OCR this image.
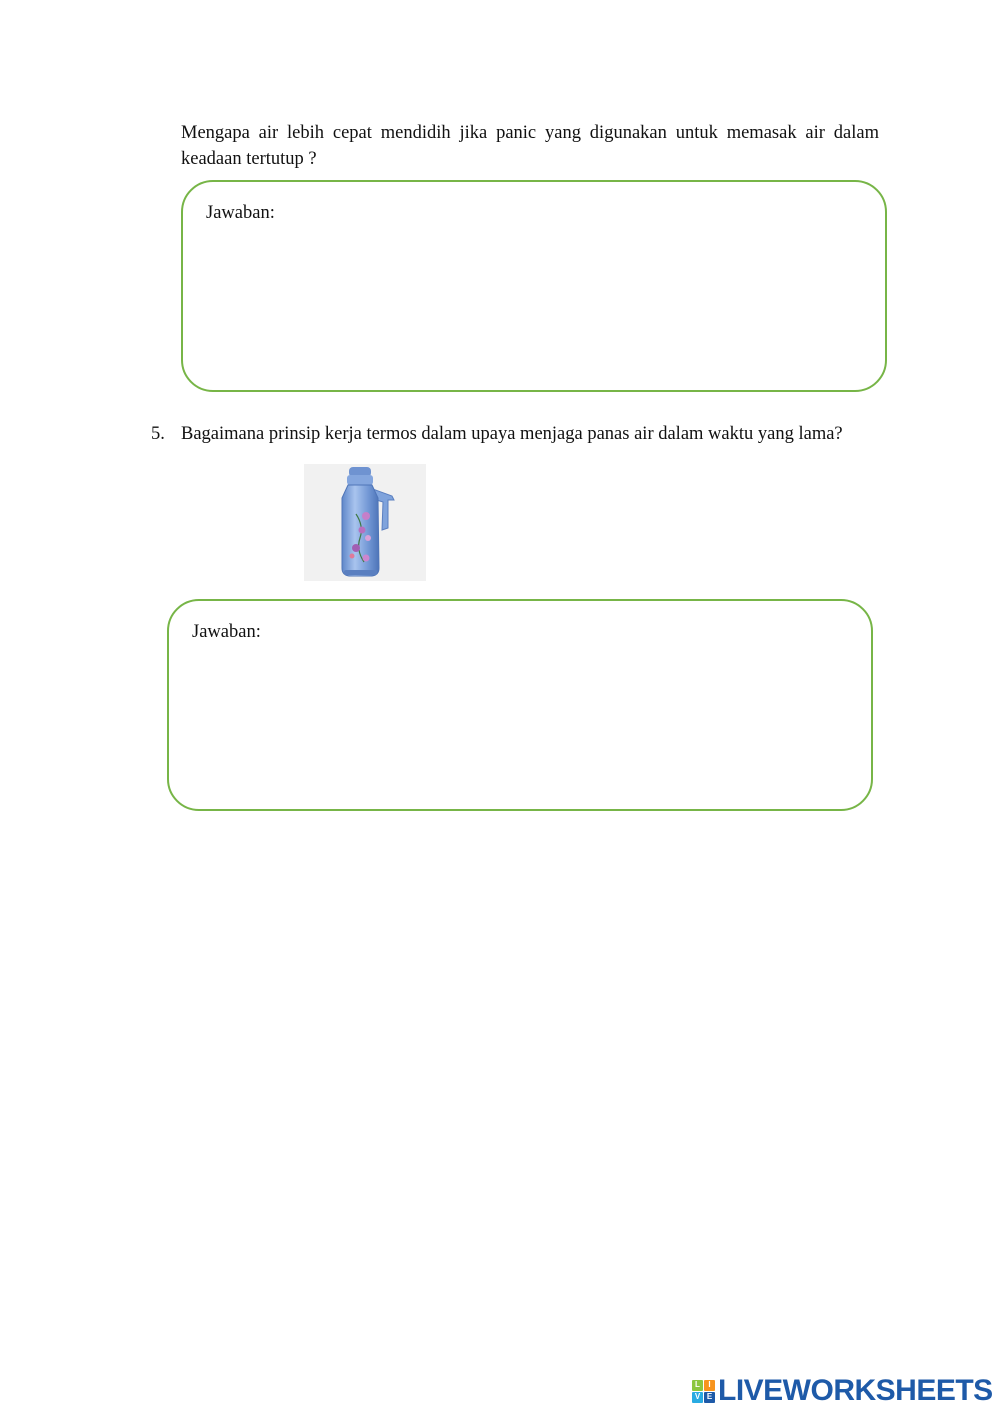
Mengapa air lebih cepat mendidih jika panic yang digunakan untuk memasak air dalam keadaan tertutup ?
Jawaban:
5. Bagaimana prinsip kerja termos dalam upaya menjaga panas air dalam waktu yang lama?
Jawaban:
L	I
V E LIVEWORKSHEETS
